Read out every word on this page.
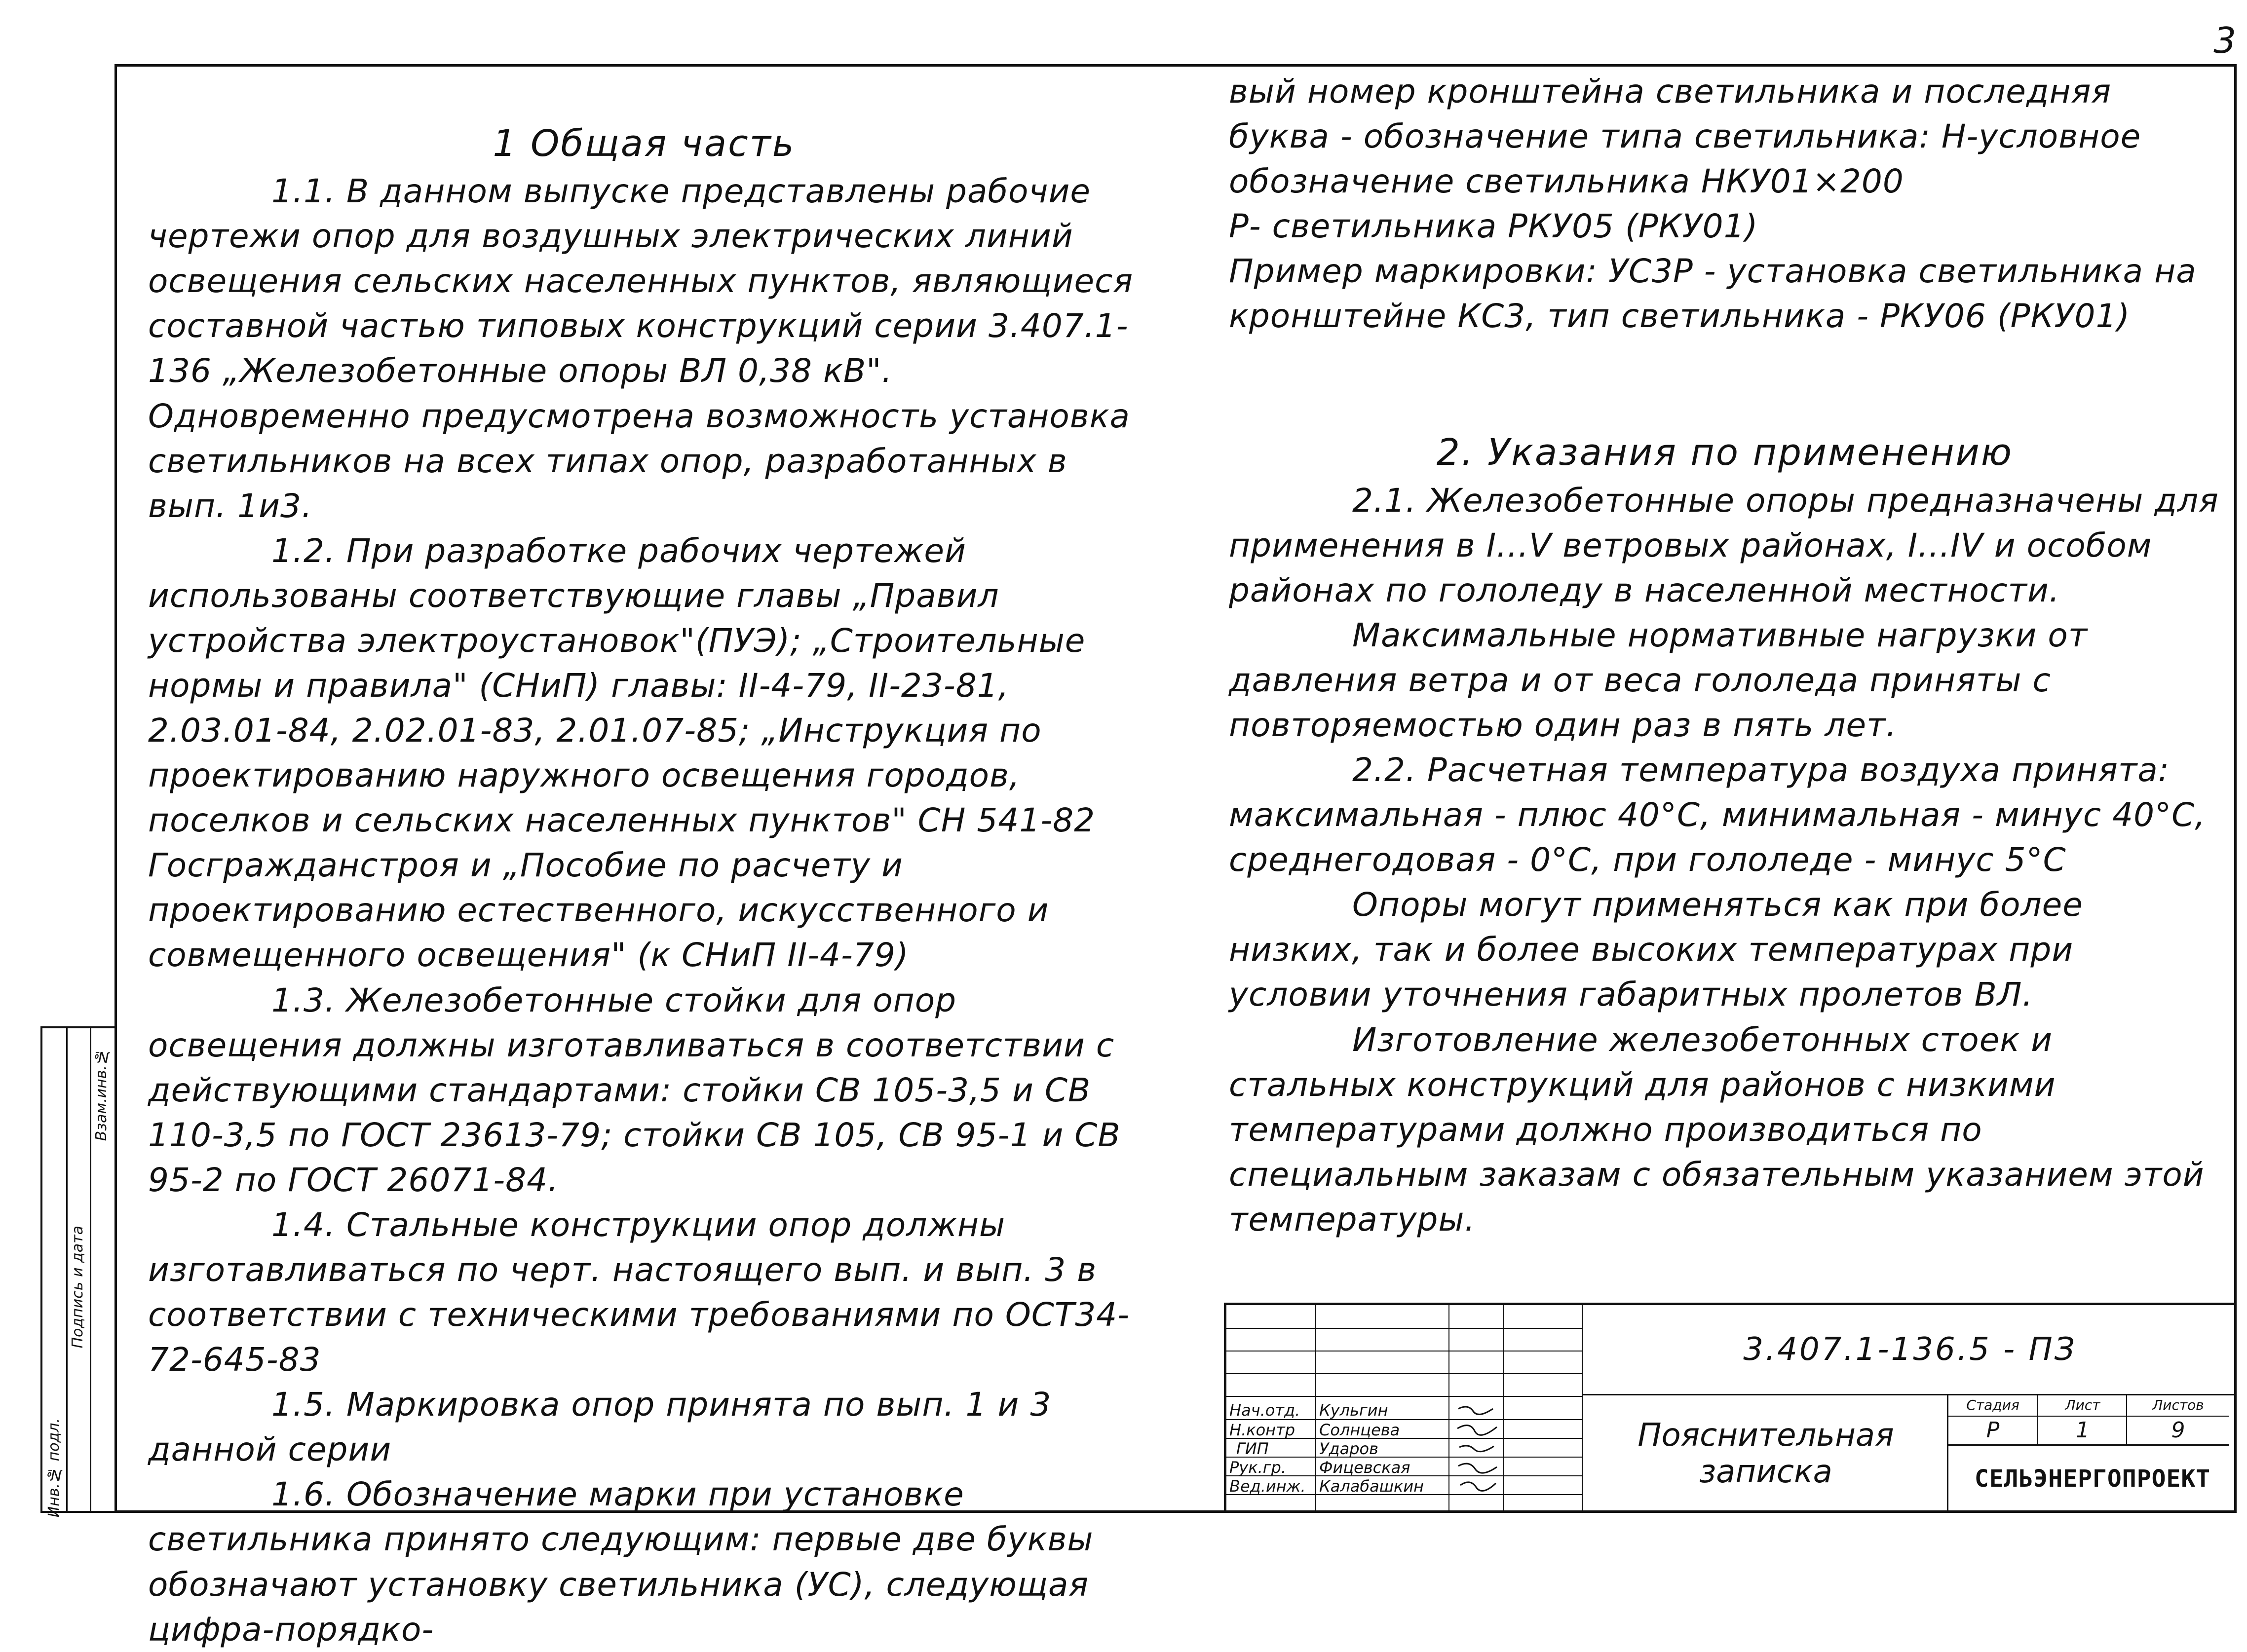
3
Инв.№ подл.
Подпись и дата
Взам.инв.№

1 Общая часть

1.1. В данном выпуске представлены рабочие чертежи опор для воздушных электрических линий освещения сельских населенных пунктов, являющиеся составной частью типовых конструкций серии 3.407.1-136 „Железобетонные опоры ВЛ 0,38 кВ". Одновременно предусмотрена возможность установка светильников на всех типах опор, разработанных в вып. 1и3.

1.2. При разработке рабочих чертежей использованы соответствующие главы „Правил устройства электроустановок"(ПУЭ); „Строительные нормы и правила" (СНиП) главы: II-4-79, II-23-81, 2.03.01-84, 2.02.01-83, 2.01.07-85; „Инструкция по проектированию наружного освещения городов, поселков и сельских населенных пунктов" СН 541-82 Госгражданстроя и „Пособие по расчету и проектированию естественного, искусственного и совмещенного освещения" (к СНиП II-4-79)

1.3. Железобетонные стойки для опор освещения должны изготавливаться в соответствии с действующими стандартами: стойки СВ 105-3,5 и СВ 110-3,5 по ГОСТ 23613-79; стойки СВ 105, СВ 95-1 и СВ 95-2 по ГОСТ 26071-84.

1.4. Стальные конструкции опор должны изготавливаться по черт. настоящего вып. и вып. 3 в соответствии с техническими требованиями по ОСТ34-72-645-83

1.5. Маркировка опор принята по вып. 1 и 3 данной серии

1.6. Обозначение марки при установке светильника принято следующим: первые две буквы обозначают установку светильника (УС), следующая цифра-порядко-

вый номер кронштейна светильника и последняя буква - обозначение типа светильника: Н-условное обозначение светильника НКУ01×200

Р- светильника РКУ05 (РКУ01)

Пример маркировки: УС3Р - установка светильника на кронштейне КС3, тип светильника - РКУ06 (РКУ01)

2. Указания по применению

2.1. Железобетонные опоры предназначены для применения в I...V ветровых районах, I...IV и особом районах по гололеду в населенной местности.

Максимальные нормативные нагрузки от давления ветра и от веса гололеда приняты с повторяемостью один раз в пять лет.

2.2. Расчетная температура воздуха принята: максимальная - плюс 40°С, минимальная - минус 40°С, среднегодовая - 0°С, при гололеде - минус 5°С

Опоры могут применяться как при более низких, так и более высоких температурах при условии уточнения габаритных пролетов ВЛ.

Изготовление железобетонных стоек и стальных конструкций для районов с низкими температурами должно производиться по специальным заказам с обязательным указанием этой температуры.

Нач.отд. Кульгин
Н.контр Солнцева
ГИП	Ударов
Рук.гр. Фицевская
Вед.инж. Калабашкин
3.407.1-136.5 - ПЗ
Пояснительная
записка
Стадия	Лист	Листов
Р	1	9
СЕЛЬЭНЕРГОПРОЕКТ
